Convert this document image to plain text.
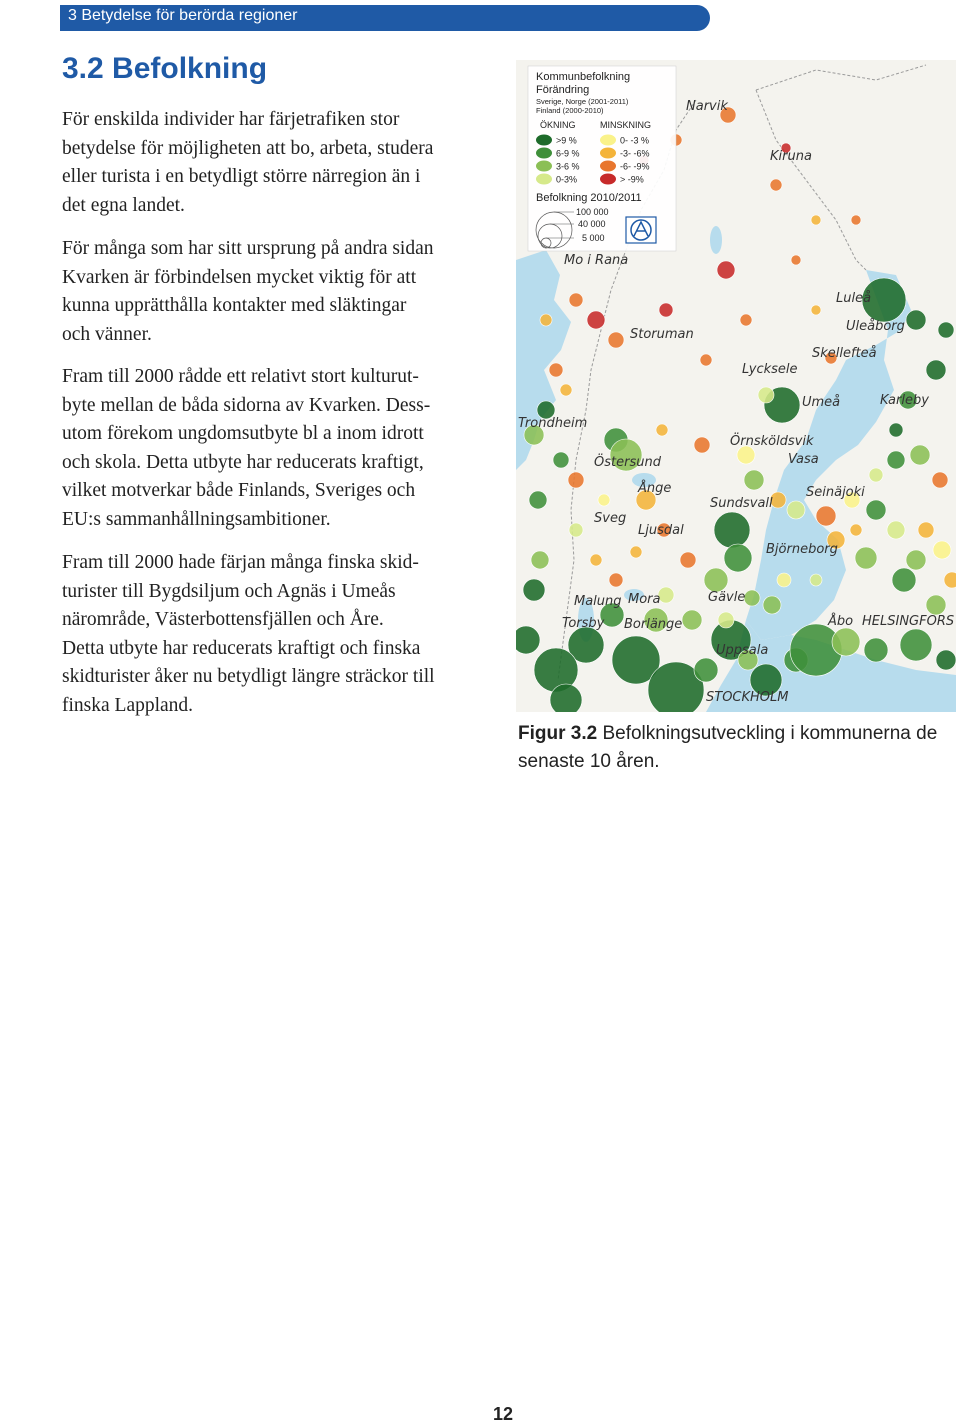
3 Betydelse för berörda regioner
3.2 Befolkning

För enskilda individer har färjetrafiken stor
betydelse för möjligheten att bo, arbeta, studera
eller turista i en betydligt större närregion än i
det egna landet.

För många som har sitt ursprung på andra sidan
Kvarken är förbindelsen mycket viktig för att
kunna upprätthålla kontakter med släktingar
och vänner.

Fram till 2000 rådde ett relativt stort kulturut-
byte mellan de båda sidorna av Kvarken. Dess-
utom förekom ungdomsutbyte bl a inom idrott
och skola. Detta utbyte har reducerats kraftigt,
vilket motverkar både Finlands, Sveriges och
EU:s sammanhållningsambitioner.

Fram till 2000 hade färjan många finska skid-
turister till Bygdsiljum och Agnäs i Umeås
närområde, Västerbottensfjällen och Åre.
Detta utbyte har reducerats kraftigt och finska
skidturister åker nu betydligt längre sträckor till
finska Lappland.

Narvik
Kiruna
Mo i Rana
Luleå
Uleåborg
Storuman
Skellefteå
Lycksele
Umeå	Karleby
Trondheim
Örnsköldsvik
Vasa
Östersund
Ånge	Seinäjoki
Sundsvall
Sveg
Ljusdal
Björneborg
Malung Mora	Gävle
Torsby Borlänge	Åbo HELSINGFORS
Uppsala
STOCKHOLM
Kommunbefolkning
Förändring
Sverige, Norge (2001-2011)
Finland (2000-2010)
ÖKNING	MINSKNING
>9 %
6-9 %
3-6 %
0-3%
0- -3 %
-3- -6%
-6- -9%
> -9%
Befolkning 2010/2011
100 000
40 000
5 000

Figur 3.2 Befolkningsutveckling i kommunerna de senaste 10 åren.

12
